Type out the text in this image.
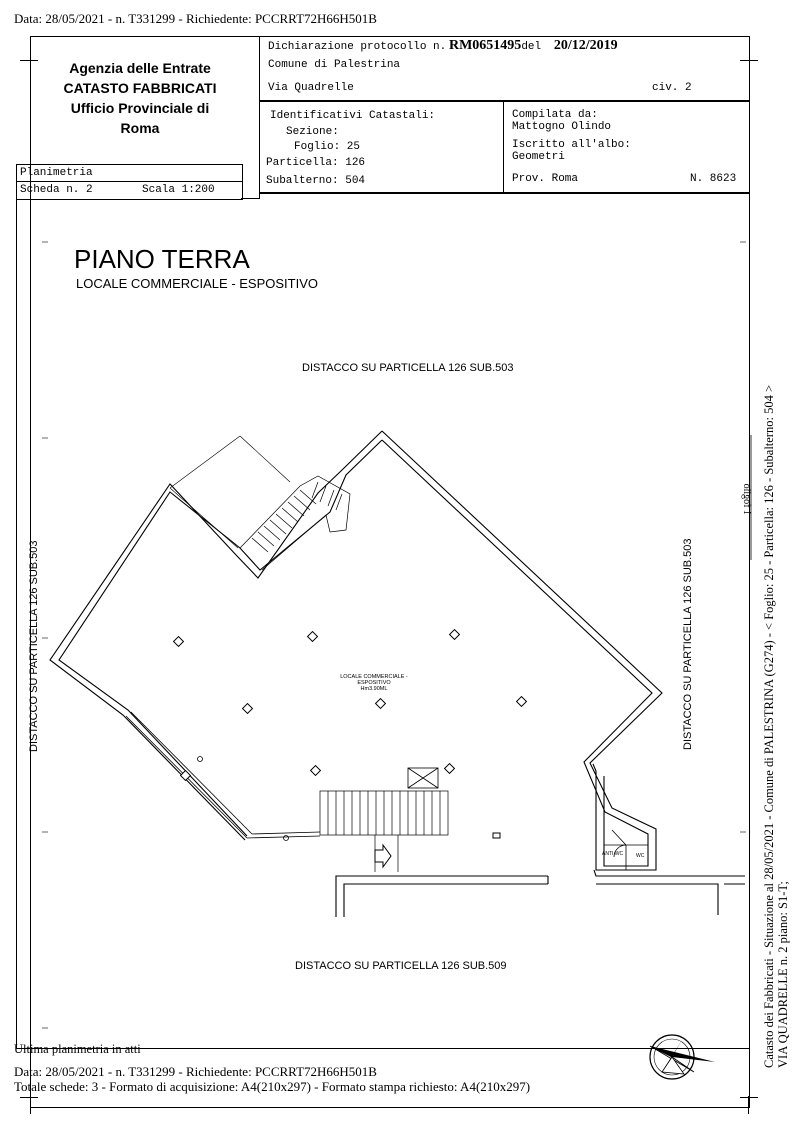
Data: 28/05/2021 - n. T331299 - Richiedente: PCCRRT72H66H501B
Agenzia delle Entrate
CATASTO FABBRICATI
Ufficio Provinciale di
Roma
Planimetria
Scheda n. 2	Scala 1:200
Dichiarazione protocollo n. RM0651495del 20/12/2019
Comune di Palestrina
Via Quadrelle	civ. 2
Identificativi Catastali:
Sezione:
Foglio: 25
Particella: 126
Subalterno: 504
Compilata da:
Mattogno Olindo
Iscritto all'albo:
Geometri
Prov. Roma	N. 8623
PIANO TERRA
LOCALE COMMERCIALE - ESPOSITIVO
DISTACCO SU PARTICELLA 126 SUB.503
DISTACCO SU PARTICELLA 126 SUB.509
DISTACCO SU PARTICELLA 126 SUB.503	DISTACCO SU PARTICELLA 126 SUB.503
LOCALE COMMERCIALE - ESPOSITIVO
Hm3.90ML
ANTI WC	WC	Catasto dei Fabbricati - Situazione al 28/05/2021 - Comune di PALESTRINA (G274) - < Foglio: 25 - Particella: 126 - Subalterno: 504 > VIA QUADRELLE n. 2 piano: S1-T;
1 foglio
Ultima planimetria in atti
Data: 28/05/2021 - n. T331299 - Richiedente: PCCRRT72H66H501B
Totale schede: 3 - Formato di acquisizione: A4(210x297) - Formato stampa richiesto: A4(210x297)
